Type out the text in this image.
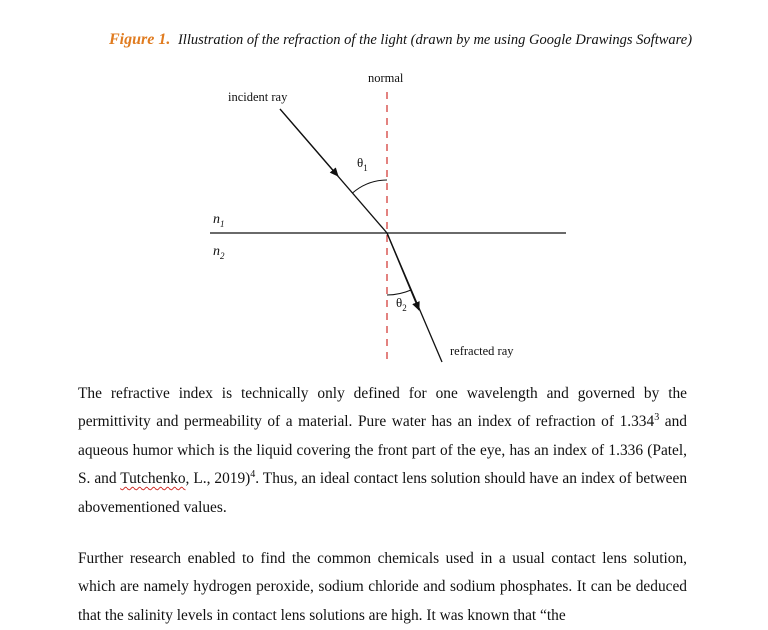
Figure 1. Illustration of the refraction of the light (drawn by me using Google Drawings Software)
normal
incident ray
refracted ray
$\theta_1$
$\theta_2$
$n_1$
$n_2$

The refractive index is technically only defined for one wavelength and governed by the permittivity and permeability of a material. Pure water has an index of refraction of 1.334$^3$ and aqueous humor which is the liquid covering the front part of the eye, has an index of 1.336 (Patel, S. and Tutchenko, L., 2019)$^4$. Thus, an ideal contact lens solution should have an index of between abovementioned values.

Further research enabled to find the common chemicals used in a usual contact lens solution, which are namely hydrogen peroxide, sodium chloride and sodium phosphates. It can be deduced that the salinity levels in contact lens solutions are high. It was known that “the
